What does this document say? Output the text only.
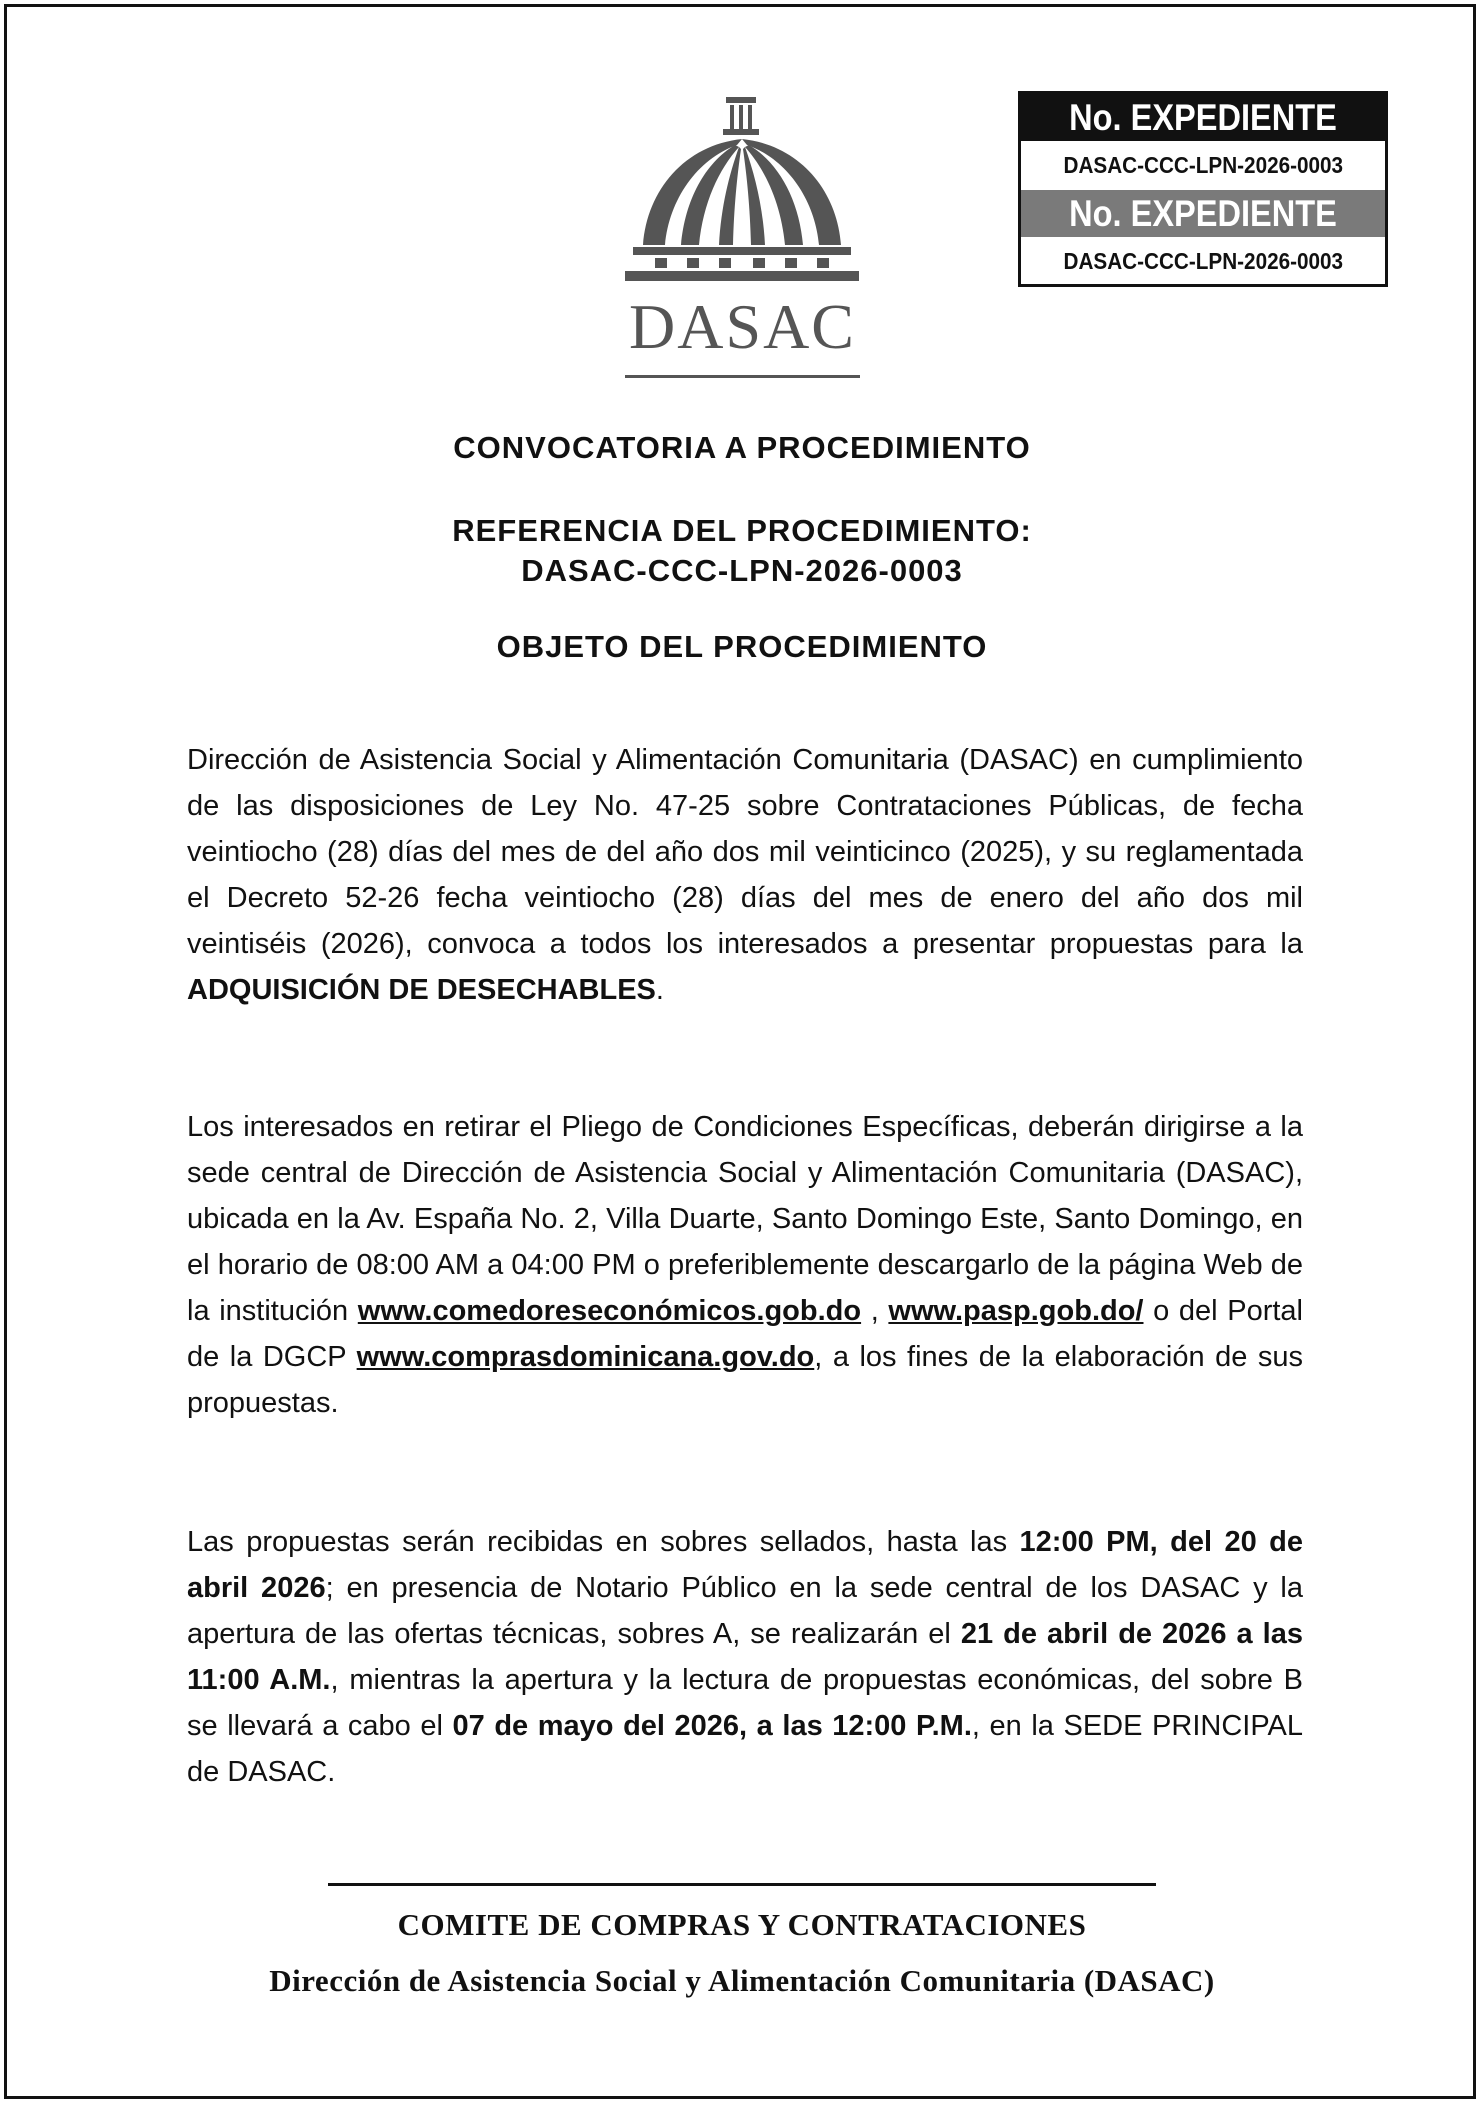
DASAC
No. EXPEDIENTE
DASAC-CCC-LPN-2026-0003
No. EXPEDIENTE
DASAC-CCC-LPN-2026-0003
CONVOCATORIA A PROCEDIMIENTO
REFERENCIA DEL PROCEDIMIENTO:
DASAC-CCC-LPN-2026-0003
OBJETO DEL PROCEDIMIENTO
Dirección de Asistencia Social y Alimentación Comunitaria (DASAC) en cumplimiento de las disposiciones de Ley No. 47-25 sobre Contrataciones Públicas, de fecha veintiocho (28) días del mes de del año dos mil veinticinco (2025), y su reglamentada el Decreto 52-26 fecha veintiocho (28) días del mes de enero del año dos mil veintiséis (2026), convoca a todos los interesados a presentar propuestas para la ADQUISICIÓN DE DESECHABLES.
Los interesados en retirar el Pliego de Condiciones Específicas, deberán dirigirse a la sede central de Dirección de Asistencia Social y Alimentación Comunitaria (DASAC), ubicada en la Av. España No. 2, Villa Duarte, Santo Domingo Este, Santo Domingo, en el horario de 08:00 AM a 04:00 PM o preferiblemente descargarlo de la página Web de la institución www.comedoreseconómicos.gob.do , www.pasp.gob.do/ o del Portal de la DGCP www.comprasdominicana.gov.do, a los fines de la elaboración de sus propuestas.
Las propuestas serán recibidas en sobres sellados, hasta las 12:00 PM, del 20 de abril 2026; en presencia de Notario Público en la sede central de los DASAC y la apertura de las ofertas técnicas, sobres A, se realizarán el 21 de abril de 2026 a las 11:00 A.M., mientras la apertura y la lectura de propuestas económicas, del sobre B se llevará a cabo el 07 de mayo del 2026, a las 12:00 P.M., en la SEDE PRINCIPAL de DASAC.
COMITE DE COMPRAS Y CONTRATACIONES
Dirección de Asistencia Social y Alimentación Comunitaria (DASAC)
